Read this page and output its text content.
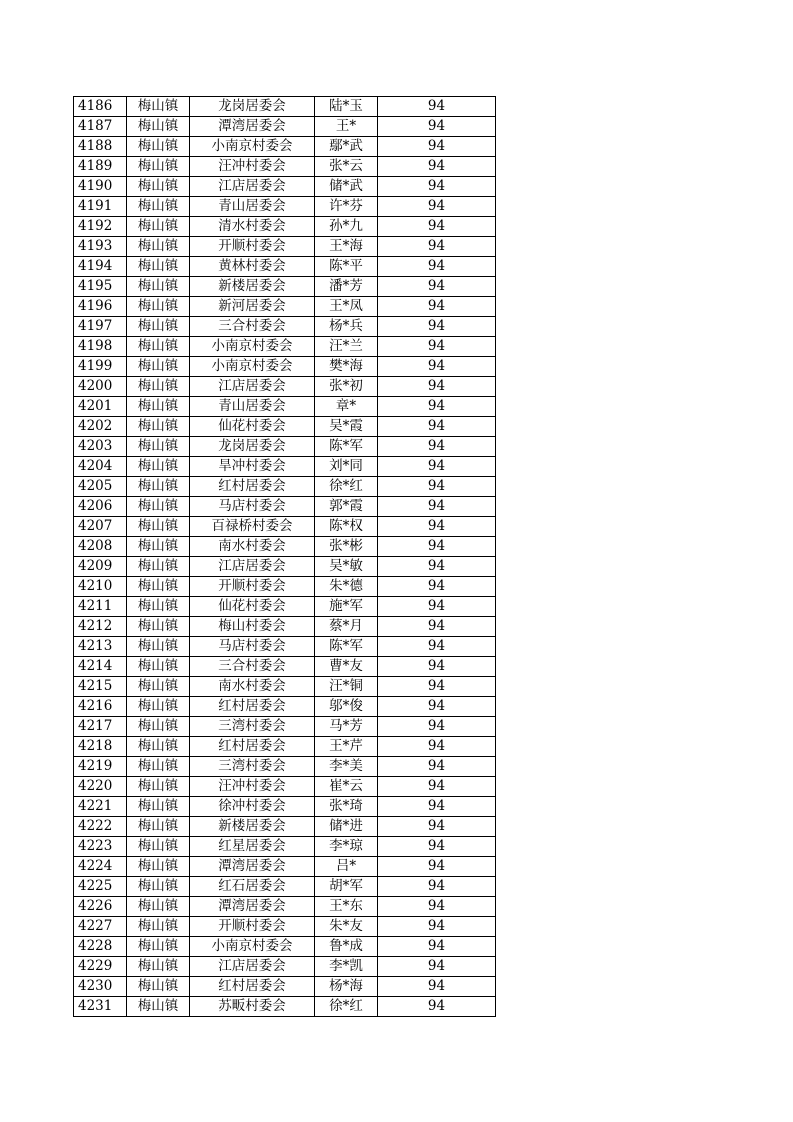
4186	梅山镇	龙岗居委会	陆*玉	94
4187	梅山镇	潭湾居委会	王*	94
4188	梅山镇	小南京村委会	鄢*武	94
4189	梅山镇	汪冲村委会	张*云	94
4190	梅山镇	江店居委会	储*武	94
4191	梅山镇	青山居委会	许*芬	94
4192	梅山镇	清水村委会	孙*九	94
4193	梅山镇	开顺村委会	王*海	94
4194	梅山镇	黄林村委会	陈*平	94
4195	梅山镇	新楼居委会	潘*芳	94
4196	梅山镇	新河居委会	王*凤	94
4197	梅山镇	三合村委会	杨*兵	94
4198	梅山镇	小南京村委会	汪*兰	94
4199	梅山镇	小南京村委会	樊*海	94
4200	梅山镇	江店居委会	张*初	94
4201	梅山镇	青山居委会	章*	94
4202	梅山镇	仙花村委会	吴*霞	94
4203	梅山镇	龙岗居委会	陈*军	94
4204	梅山镇	旱冲村委会	刘*同	94
4205	梅山镇	红村居委会	徐*红	94
4206	梅山镇	马店村委会	郭*霞	94
4207	梅山镇	百禄桥村委会	陈*权	94
4208	梅山镇	南水村委会	张*彬	94
4209	梅山镇	江店居委会	吴*敏	94
4210	梅山镇	开顺村委会	朱*德	94
4211	梅山镇	仙花村委会	施*军	94
4212	梅山镇	梅山村委会	蔡*月	94
4213	梅山镇	马店村委会	陈*军	94
4214	梅山镇	三合村委会	曹*友	94
4215	梅山镇	南水村委会	汪*铜	94
4216	梅山镇	红村居委会	邬*俊	94
4217	梅山镇	三湾村委会	马*芳	94
4218	梅山镇	红村居委会	王*芹	94
4219	梅山镇	三湾村委会	李*美	94
4220	梅山镇	汪冲村委会	崔*云	94
4221	梅山镇	徐冲村委会	张*琦	94
4222	梅山镇	新楼居委会	储*进	94
4223	梅山镇	红星居委会	李*琼	94
4224	梅山镇	潭湾居委会	吕*	94
4225	梅山镇	红石居委会	胡*军	94
4226	梅山镇	潭湾居委会	王*东	94
4227	梅山镇	开顺村委会	朱*友	94
4228	梅山镇	小南京村委会	鲁*成	94
4229	梅山镇	江店居委会	李*凯	94
4230	梅山镇	红村居委会	杨*海	94
4231	梅山镇	苏畈村委会	徐*红	94
